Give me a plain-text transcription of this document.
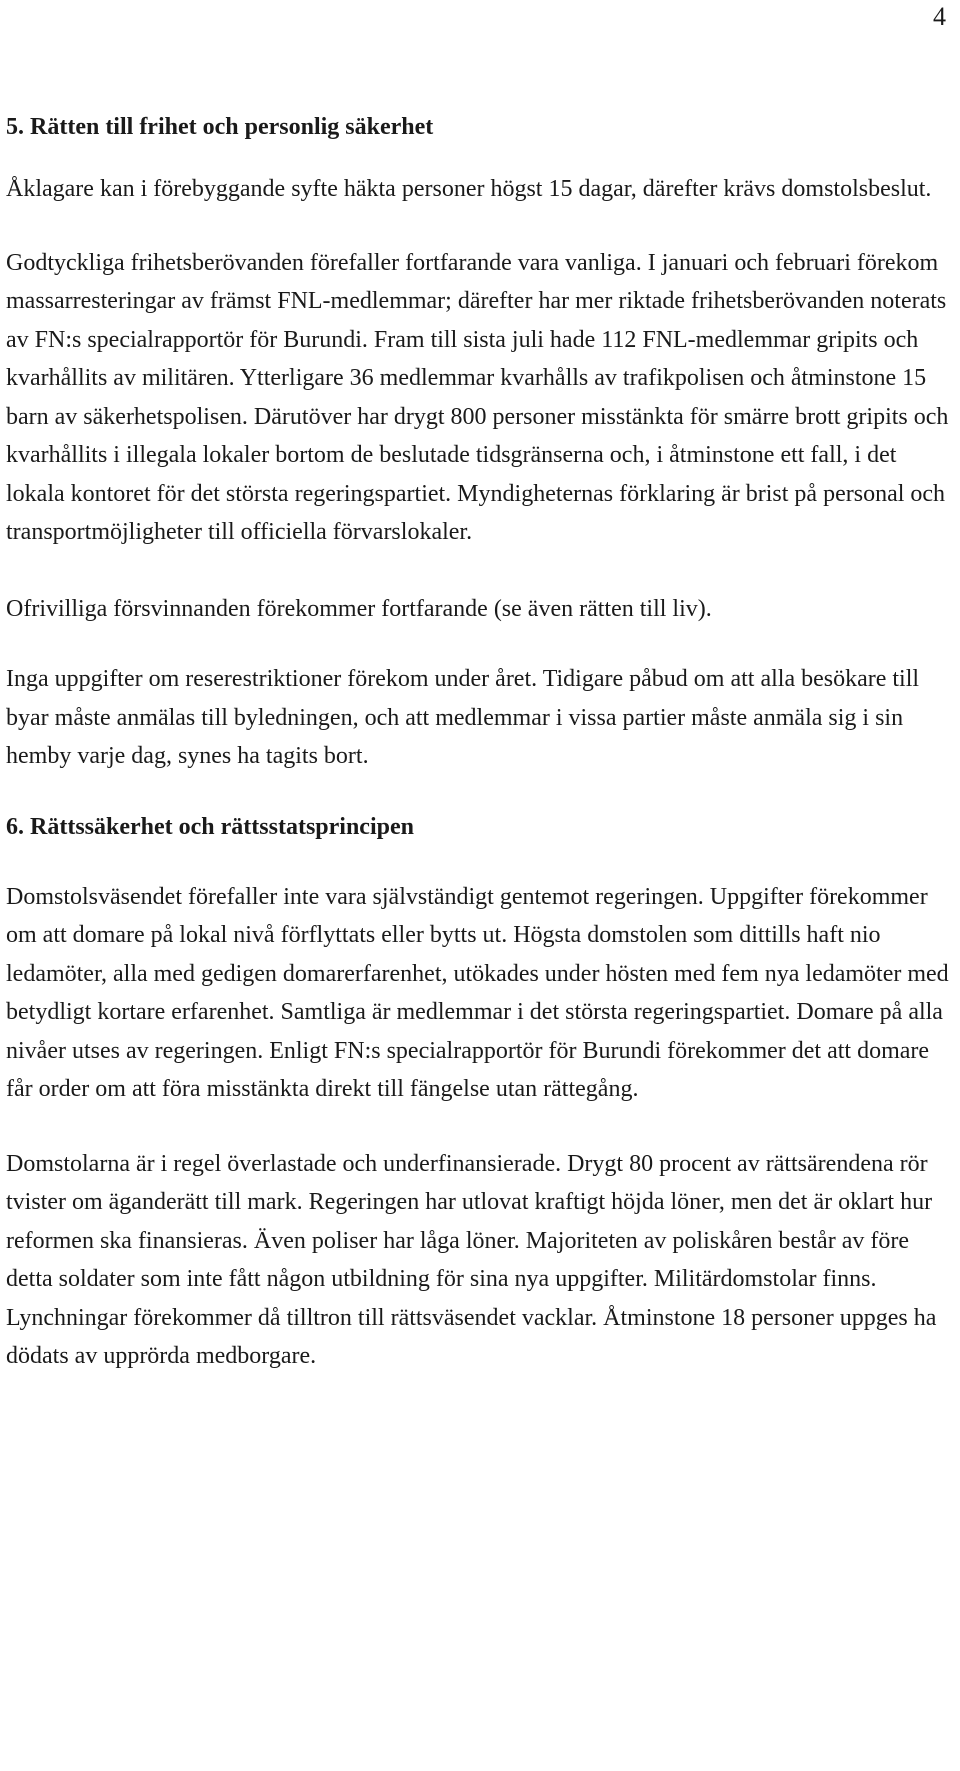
4
5. Rätten till frihet och personlig säkerhet

Åklagare kan i förebyggande syfte häkta personer högst 15 dagar, därefter krävs domstolsbeslut.

Godtyckliga frihetsberövanden förefaller fortfarande vara vanliga. I januari och februari förekom massarresteringar av främst FNL-medlemmar; därefter har mer riktade frihetsberövanden noterats av FN:s specialrapportör för Burundi. Fram till sista juli hade 112 FNL-medlemmar gripits och kvarhållits av militären. Ytterligare 36 medlemmar kvarhålls av trafikpolisen och åtminstone 15 barn av säkerhetspolisen. Därutöver har drygt 800 personer misstänkta för smärre brott gripits och kvarhållits i illegala lokaler bortom de beslutade tidsgränserna och, i åtminstone ett fall, i det lokala kontoret för det största regeringspartiet. Myndigheternas förklaring är brist på personal och transportmöjligheter till officiella förvarslokaler.

Ofrivilliga försvinnanden förekommer fortfarande (se även rätten till liv).

Inga uppgifter om reserestriktioner förekom under året. Tidigare påbud om att alla besökare till byar måste anmälas till byledningen, och att medlemmar i vissa partier måste anmäla sig i sin hemby varje dag, synes ha tagits bort.

6. Rättssäkerhet och rättsstatsprincipen

Domstolsväsendet förefaller inte vara självständigt gentemot regeringen. Uppgifter förekommer om att domare på lokal nivå förflyttats eller bytts ut. Högsta domstolen som dittills haft nio ledamöter, alla med gedigen domarerfarenhet, utökades under hösten med fem nya ledamöter med betydligt kortare erfarenhet. Samtliga är medlemmar i det största regeringspartiet. Domare på alla nivåer utses av regeringen. Enligt FN:s specialrapportör för Burundi förekommer det att domare får order om att föra misstänkta direkt till fängelse utan rättegång.

Domstolarna är i regel överlastade och underfinansierade. Drygt 80 procent av rättsärendena rör tvister om äganderätt till mark. Regeringen har utlovat kraftigt höjda löner, men det är oklart hur reformen ska finansieras. Även poliser har låga löner. Majoriteten av poliskåren består av före detta soldater som inte fått någon utbildning för sina nya uppgifter. Militärdomstolar finns. Lynchningar förekommer då tilltron till rättsväsendet vacklar. Åtminstone 18 personer uppges ha dödats av upprörda medborgare.
